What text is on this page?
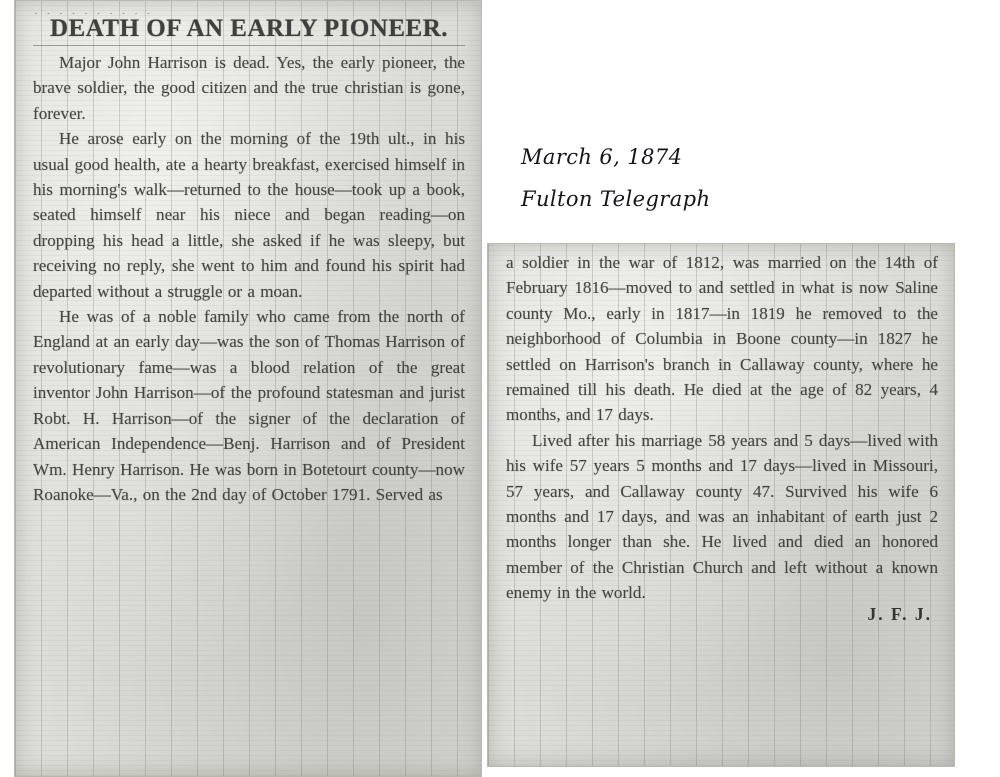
DEATH OF AN EARLY PIONEER.

Major John Harrison is dead. Yes, the early pioneer, the brave soldier, the good citizen and the true christian is gone, forever.

He arose early on the morning of the 19th ult., in his usual good health, ate a hearty breakfast, exercised himself in his morning's walk—returned to the house—took up a book, seated himself near his niece and began reading—on dropping his head a little, she asked if he was sleepy, but receiving no reply, she went to him and found his spirit had departed without a struggle or a moan.

He was of a noble family who came from the north of England at an early day—was the son of Thomas Harrison of revolutionary fame—was a blood relation of the great inventor John Harrison—of the profound statesman and jurist Robt. H. Harrison—of the signer of the declaration of American Independence—Benj. Harrison and of President Wm. Henry Harrison. He was born in Botetourt county—now Roanoke—Va., on the 2nd day of October 1791. Served as

a soldier in the war of 1812, was married on the 14th of February 1816—moved to and settled in what is now Saline county Mo., early in 1817—in 1819 he removed to the neighborhood of Columbia in Boone county—in 1827 he settled on Harrison's branch in Callaway county, where he remained till his death. He died at the age of 82 years, 4 months, and 17 days.

Lived after his marriage 58 years and 5 days—lived with his wife 57 years 5 months and 17 days—lived in Missouri, 57 years, and Callaway county 47. Survived his wife 6 months and 17 days, and was an inhabitant of earth just 2 months longer than she. He lived and died an honored member of the Christian Church and left without a known enemy in the world.

J. F. J.
March 6, 1874
Fulton Telegraph
